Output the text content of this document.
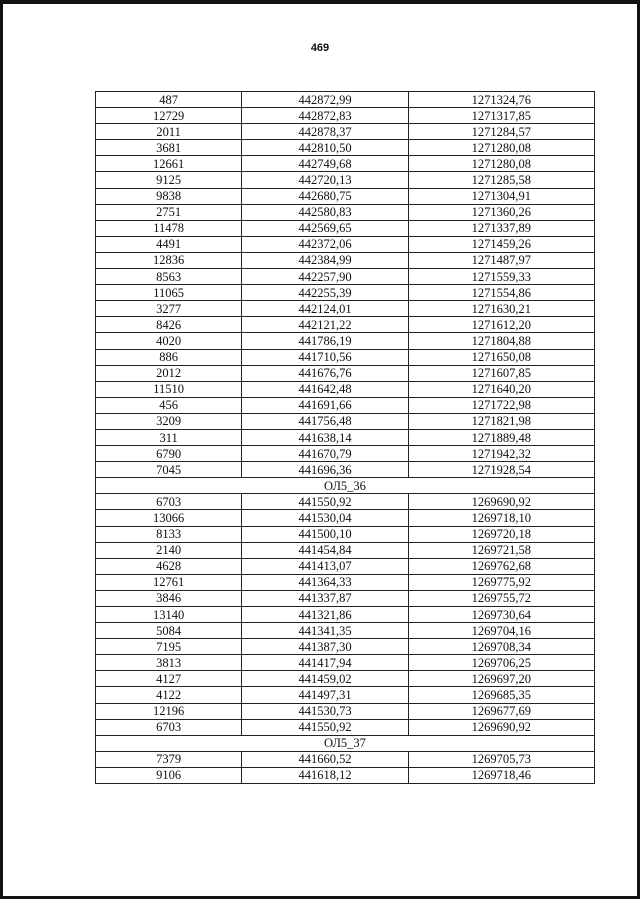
469
487	442872,99	1271324,76
12729	442872,83	1271317,85
2011	442878,37	1271284,57
3681	442810,50	1271280,08
12661	442749,68	1271280,08
9125	442720,13	1271285,58
9838	442680,75	1271304,91
2751	442580,83	1271360,26
11478	442569,65	1271337,89
4491	442372,06	1271459,26
12836	442384,99	1271487,97
8563	442257,90	1271559,33
11065	442255,39	1271554,86
3277	442124,01	1271630,21
8426	442121,22	1271612,20
4020	441786,19	1271804,88
886	441710,56	1271650,08
2012	441676,76	1271607,85
11510	441642,48	1271640,20
456	441691,66	1271722,98
3209	441756,48	1271821,98
311	441638,14	1271889,48
6790	441670,79	1271942,32
7045	441696,36	1271928,54
ОЛ5_36		
6703	441550,92	1269690,92
13066	441530,04	1269718,10
8133	441500,10	1269720,18
2140	441454,84	1269721,58
4628	441413,07	1269762,68
12761	441364,33	1269775,92
3846	441337,87	1269755,72
13140	441321,86	1269730,64
5084	441341,35	1269704,16
7195	441387,30	1269708,34
3813	441417,94	1269706,25
4127	441459,02	1269697,20
4122	441497,31	1269685,35
12196	441530,73	1269677,69
6703	441550,92	1269690,92
ОЛ5_37		
7379	441660,52	1269705,73
9106	441618,12	1269718,46
